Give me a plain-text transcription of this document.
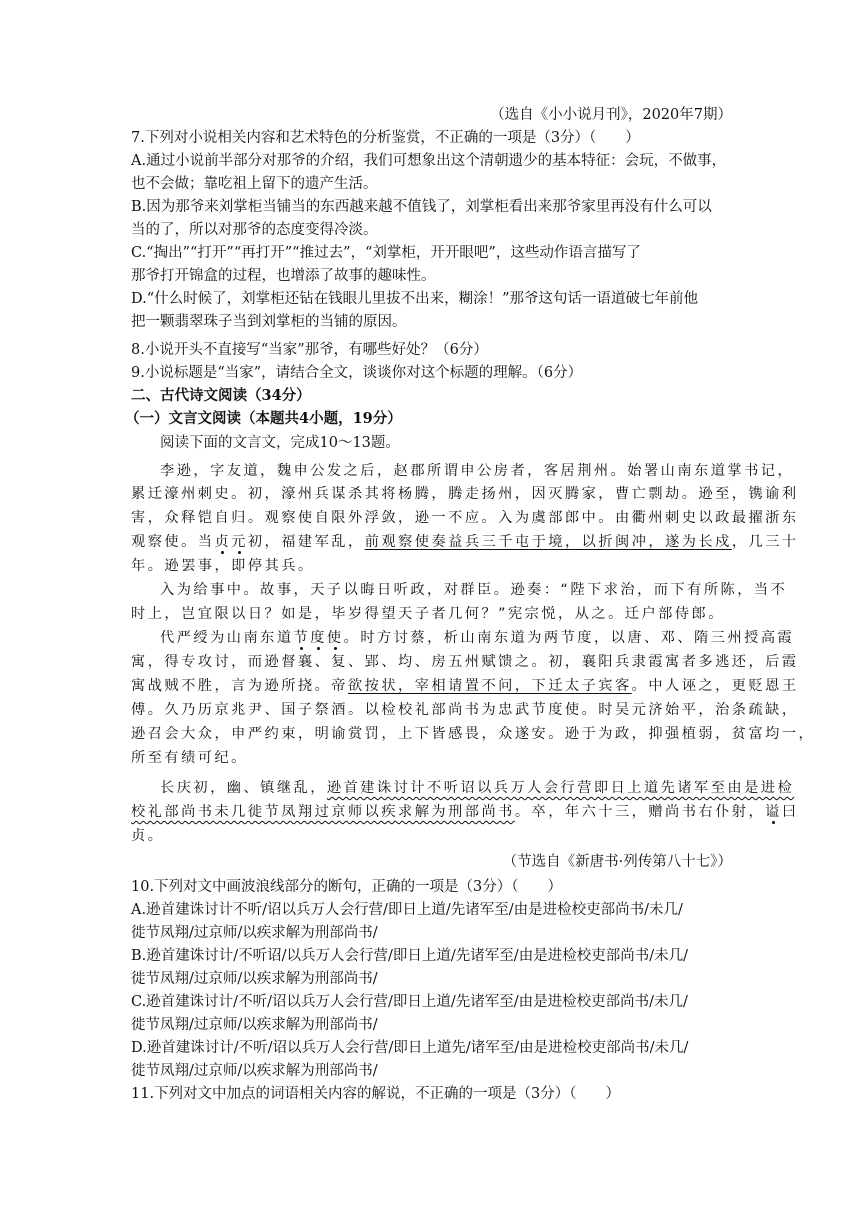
（选自《小小说月刊》，2020年7期）
7.下列对小说相关内容和艺术特色的分析鉴赏，不正确的一项是（3分）（　　）
A.通过小说前半部分对那爷的介绍，我们可想象出这个清朝遗少的基本特征：会玩，不做事，
也不会做；靠吃祖上留下的遗产生活。
B.因为那爷来刘掌柜当铺当的东西越来越不值钱了，刘掌柜看出来那爷家里再没有什么可以
当的了，所以对那爷的态度变得冷淡。
C.“掏出”“打开”“再打开”“推过去”，“刘掌柜，开开眼吧”，这些动作语言描写了
那爷打开锦盒的过程，也增添了故事的趣味性。
D.“什么时候了，刘掌柜还钻在钱眼儿里拔不出来，糊涂！”那爷这句话一语道破七年前他
把一颗翡翠珠子当到刘掌柜的当铺的原因。
8.小说开头不直接写“当家”那爷，有哪些好处？（6分）
9.小说标题是“当家”，请结合全文，谈谈你对这个标题的理解。（6分）
二、古代诗文阅读（34分）
（一）文言文阅读（本题共4小题，19分）
阅读下面的文言文，完成10～13题。
李逊，字友道，魏申公发之后，赵郡所谓申公房者，客居荆州。始署山南东道掌书记，
累迁濠州刺史。初，濠州兵谋杀其将杨腾，腾走扬州，因灭腾家，曹亡剽劫。逊至，镌谕利
害，众释铠自归。观察使自限外浮敛，逊一不应。入为虞部郎中。由衢州刺史以政最擢浙东
观察使。当贞元初，福建军乱，前观察使奏益兵三千屯于境，以折闽冲，遂为长戍，几三十
年。逊罢事，即停其兵。
入为给事中。故事，天子以晦日听政，对群臣。逊奏：“陛下求治，而下有所陈，当不
时上，岂宜限以日？如是，毕岁得望天子者几何？”宪宗悦，从之。迁户部侍郎。
代严绶为山南东道节度使。时方讨蔡，析山南东道为两节度，以唐、邓、隋三州授高霞
寓，得专攻讨，而逊督襄、复、郢、均、房五州赋馈之。初，襄阳兵隶霞寓者多逃还，后霞
寓战贼不胜，言为逊所挠。帝欲按状，宰相请置不问，下迁太子宾客。中人诬之，更贬恩王
傅。久乃历京兆尹、国子祭酒。以检校礼部尚书为忠武节度使。时吴元济始平，治条疏缺，
逊召会大众，申严约束，明谕赏罚，上下皆感畏，众遂安。逊于为政，抑强植弱，贫富均一，
所至有绩可纪。
长庆初，幽、镇继乱，逊首建诛讨计不听诏以兵万人会行营即日上道先诸军至由是进检
校礼部尚书未几徙节凤翔过京师以疾求解为刑部尚书。卒，年六十三，赠尚书右仆射，谥曰
贞。
（节选自《新唐书·列传第八十七》）
10.下列对文中画波浪线部分的断句，正确的一项是（3分）（　　）
A.逊首建诛讨计不听/诏以兵万人会行营/即日上道/先诸军至/由是进检校吏部尚书/未几/
徙节凤翔/过京师/以疾求解为刑部尚书/
B.逊首建诛讨计/不听诏/以兵万人会行营/即日上道/先诸军至/由是进检校吏部尚书/未几/
徙节凤翔/过京师/以疾求解为刑部尚书/
C.逊首建诛讨计/不听/诏以兵万人会行营/即日上道/先诸军至/由是进检校吏部尚书/未几/
徙节凤翔/过京师/以疾求解为刑部尚书/
D.逊首建诛讨计/不听/诏以兵万人会行营/即日上道先/诸军至/由是进检校吏部尚书/未几/
徙节凤翔/过京师/以疾求解为刑部尚书/
11.下列对文中加点的词语相关内容的解说，不正确的一项是（3分）（　　）
